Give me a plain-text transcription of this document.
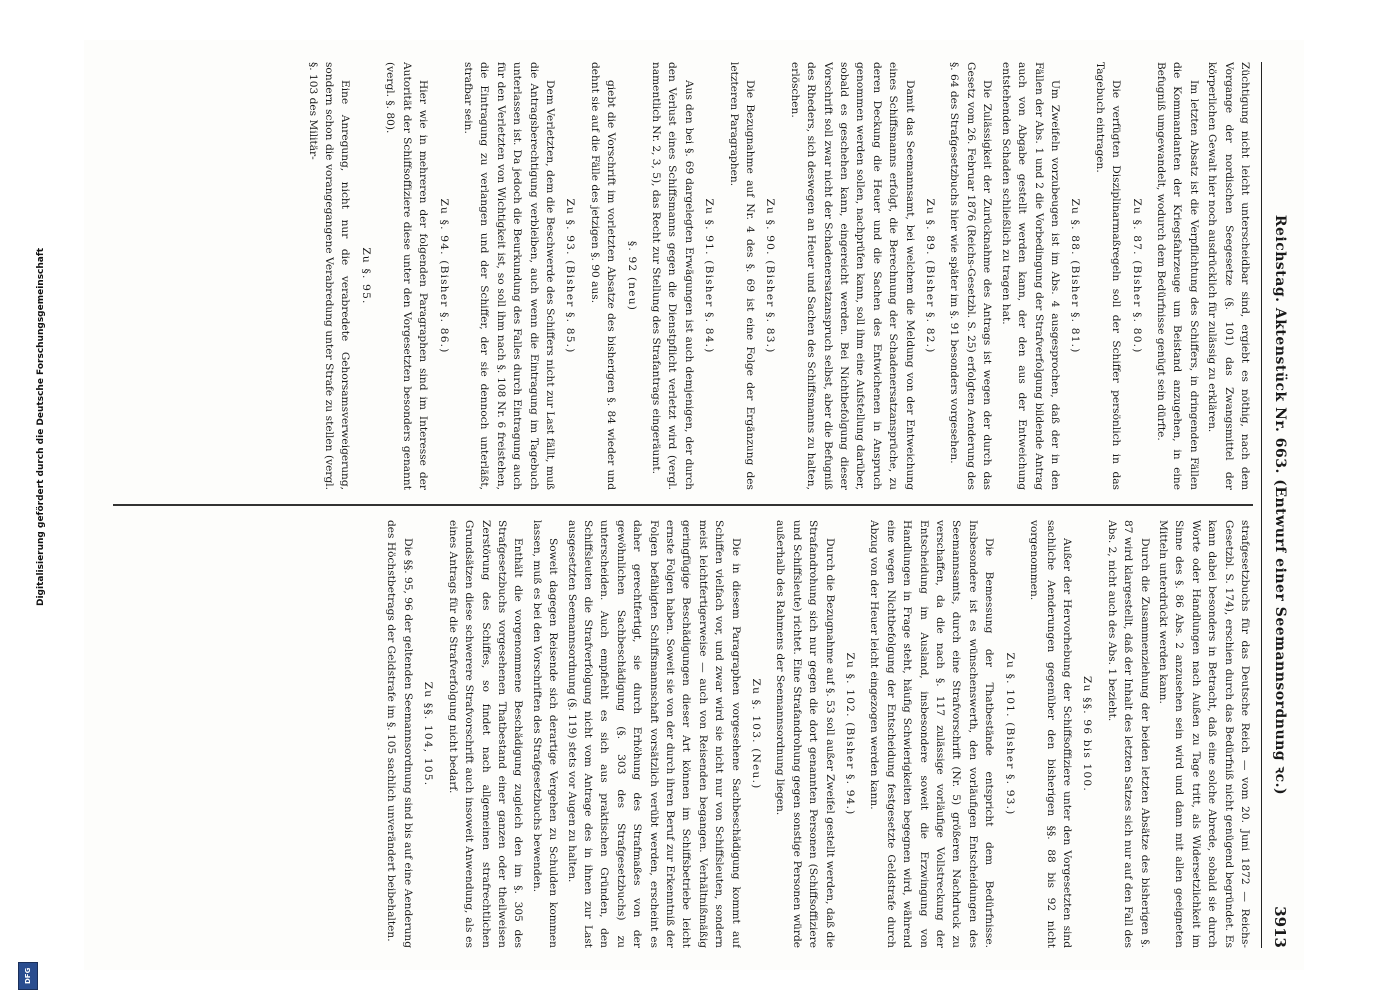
Digitalisierung gefördert durch die Deutsche Forschungsgemeinschaft
DFG
Reichstag. Aktenstück Nr. 663. (Entwurf einer Seemannsordnung ꝛc.)
3913

Züchtigung nicht leicht unterscheidbar sind, ergiebt es nöthig, nach dem Vorgange der nordischen Seegesetze (§. 101) das Zwangsmittel der körperlichen Gewalt hier noch ausdrücklich für zulässig zu erklären.

Im letzten Absatz ist die Verpflichtung des Schiffers, in dringenden Fällen die Kommandanten der Kriegsfahrzeuge um Beistand anzugehen, in eine Befugniß umgewandelt, wodurch dem Bedürfnisse genügt sein dürfte.

Zu §. 87. (Bisher §. 80.)

Die verfügten Disziplinarmaßregeln soll der Schiffer persönlich in das Tagebuch eintragen.

Zu §. 88. (Bisher §. 81.)

Um Zweifeln vorzubeugen ist im Abs. 4 ausgesprochen, daß der in den Fällen der Abs. 1 und 2 die Vorbedingung der Strafverfolgung bildende Antrag auch von Abgabe gestellt werden kann, der den aus der Entweichung entstehenden Schaden schließlich zu tragen hat.

Die Zulässigkeit der Zurücknahme des Antrags ist wegen der durch das Gesetz vom 26. Februar 1876 (Reichs-Gesetzbl. S. 25) erfolgten Aenderung des §. 64 des Strafgesetzbuchs hier wie später im §. 91 besonders vorgesehen.

Zu §. 89. (Bisher §. 82.)

Damit das Seemannsamt, bei welchem die Meldung von der Entweichung eines Schiffsmanns erfolgt, die Berechnung der Schadenersatzansprüche, zu deren Deckung die Heuer und die Sachen des Entwichenen in Anspruch genommen werden sollen, nachprüfen kann, soll ihm eine Aufstellung darüber, sobald es geschehen kann, eingereicht werden. Bei Nichtbefolgung dieser Vorschrift soll zwar nicht der Schadenersatzanspruch selbst, aber die Befugniß des Rheders, sich deswegen an Heuer und Sachen des Schiffsmanns zu halten, erlöschen.

Zu §. 90. (Bisher §. 83.)

Die Bezugnahme auf Nr. 4 des §. 69 ist eine Folge der Ergänzung des letzteren Paragraphen.

Zu §. 91. (Bisher §. 84.)

Aus den bei §. 69 dargelegten Erwägungen ist auch demjenigen, der durch den Verlust eines Schiffsmanns gegen die Dienstpflicht verletzt wird (vergl. namentlich Nr. 2, 3, 5), das Recht zur Stellung des Strafantrags eingeräumt.

§. 92 (neu)

giebt die Vorschrift im vorletzten Absatze des bisherigen §. 84 wieder und dehnt sie auf die Fälle des jetzigen §. 90 aus.

Zu §. 93. (Bisher §. 85.)

Dem Verletzten, dem die Beschwerde des Schiffers nicht zur Last fällt, muß die Antragsberechtigung verbleiben, auch wenn die Eintragung im Tagebuch unterlassen ist. Da jedoch die Beurkundung des Falles durch Eintragung auch für den Verletzten von Wichtigkeit ist, so soll ihm nach §. 108 Nr. 6 freistehen, die Eintragung zu verlangen und der Schiffer, der sie dennoch unterläßt, strafbar sein.

Zu §. 94. (Bisher §. 86.)

Hier wie in mehreren der folgenden Paragraphen sind im Interesse der Autorität der Schiffsoffiziere diese unter den Vorgesetzten besonders genannt (vergl. §. 80).

Zu §. 95.

Eine Anregung, nicht nur die verabredete Gehorsamsverweigerung, sondern schon die vorangegangene Verabredung unter Strafe zu stellen (vergl. §. 103 des Militär-

strafgesetzbuchs für das Deutsche Reich — vom 20. Juni 1872 — Reichs-Gesetzbl. S. 174), erschien durch das Bedürfniß nicht genügend begründet. Es kann dabei besonders in Betracht, daß eine solche Abrede, sobald sie durch Worte oder Handlungen nach Außen zu Tage tritt, als Widersetzlichkeit im Sinne des §. 86 Abs. 2 anzusehen sein wird und dann mit allen geeigneten Mitteln unterdrückt werden kann.

Durch die Zusammenziehung der beiden letzten Absätze des bisherigen §. 87 wird klargestellt, daß der Inhalt des letzten Satzes sich nur auf den Fall des Abs. 2, nicht auch des Abs. 1 bezieht.

Zu §§. 96 bis 100.

Außer der Hervorhebung der Schiffsoffiziere unter den Vorgesetzten sind sachliche Aenderungen gegenüber den bisherigen §§. 88 bis 92 nicht vorgenommen.

Zu §. 101. (Bisher §. 93.)

Die Bemessung der Thatbestände entspricht dem Bedürfnisse. Insbesondere ist es wünschenswerth, den vorläufigen Entscheidungen des Seemannsamts, durch eine Strafvorschrift (Nr. 5) größeren Nachdruck zu verschaffen, da die nach §. 117 zulässige vorläufige Vollstreckung der Entscheidung im Ausland, insbesondere soweit die Erzwingung von Handlungen in Frage steht, häufig Schwierigkeiten begegnen wird, während eine wegen Nichtbefolgung der Entscheidung festgesetzte Geldstrafe durch Abzug von der Heuer leicht eingezogen werden kann.

Zu §. 102. (Bisher §. 94.)

Durch die Bezugnahme auf §. 53 soll außer Zweifel gestellt werden, daß die Strafandrohung sich nur gegen die dort genannten Personen (Schiffsoffiziere und Schiffsleute) richtet. Eine Strafandrohung gegen sonstige Personen würde außerhalb des Rahmens der Seemannsordnung liegen.

Zu §. 103. (Neu.)

Die in diesem Paragraphen vorgesehene Sachbeschädigung kommt auf Schiffen vielfach vor, und zwar wird sie nicht nur von Schiffsleuten, sondern meist leichtfertigerweise — auch von Reisenden begangen. Verhältnißmäßig geringfügige Beschädigungen dieser Art können im Schiffsbetriebe leicht ernste Folgen haben. Soweit sie von der durch ihren Beruf zur Erkenntniß der Folgen befähigten Schiffsmannschaft vorsätzlich verübt werden, erscheint es daher gerechtfertigt, sie durch Erhöhung des Strafmaßes von der gewöhnlichen Sachbeschädigung (§. 303 des Strafgesetzbuchs) zu unterscheiden. Auch empfiehlt es sich aus praktischen Gründen, den Schiffsleuten die Strafverfolgung nicht vom Antrage des in ihnen zur Last ausgesetzten Seemannsordnung (§. 119) stets vor Augen zu halten.

Soweit dagegen Reisende sich derartige Vergehen zu Schulden kommen lassen, muß es bei den Vorschriften des Strafgesetzbuchs bewenden.

Enthält die vorgenommene Beschädigung zugleich den im §. 305 des Strafgesetzbuchs vorgesehenen Thatbestand einer ganzen oder theilweisen Zerstörung des Schiffes, so findet nach allgemeinen strafrechtlichen Grundsätzen diese schwerere Strafvorschrift auch insoweit Anwendung, als es eines Antrags für die Strafverfolgung nicht bedarf.

Zu §§. 104, 105.

Die §§. 95, 96 der geltenden Seemannsordnung sind bis auf eine Aenderung des Höchstbetrags der Geldstrafe im §. 105 sachlich unverändert beibehalten.
